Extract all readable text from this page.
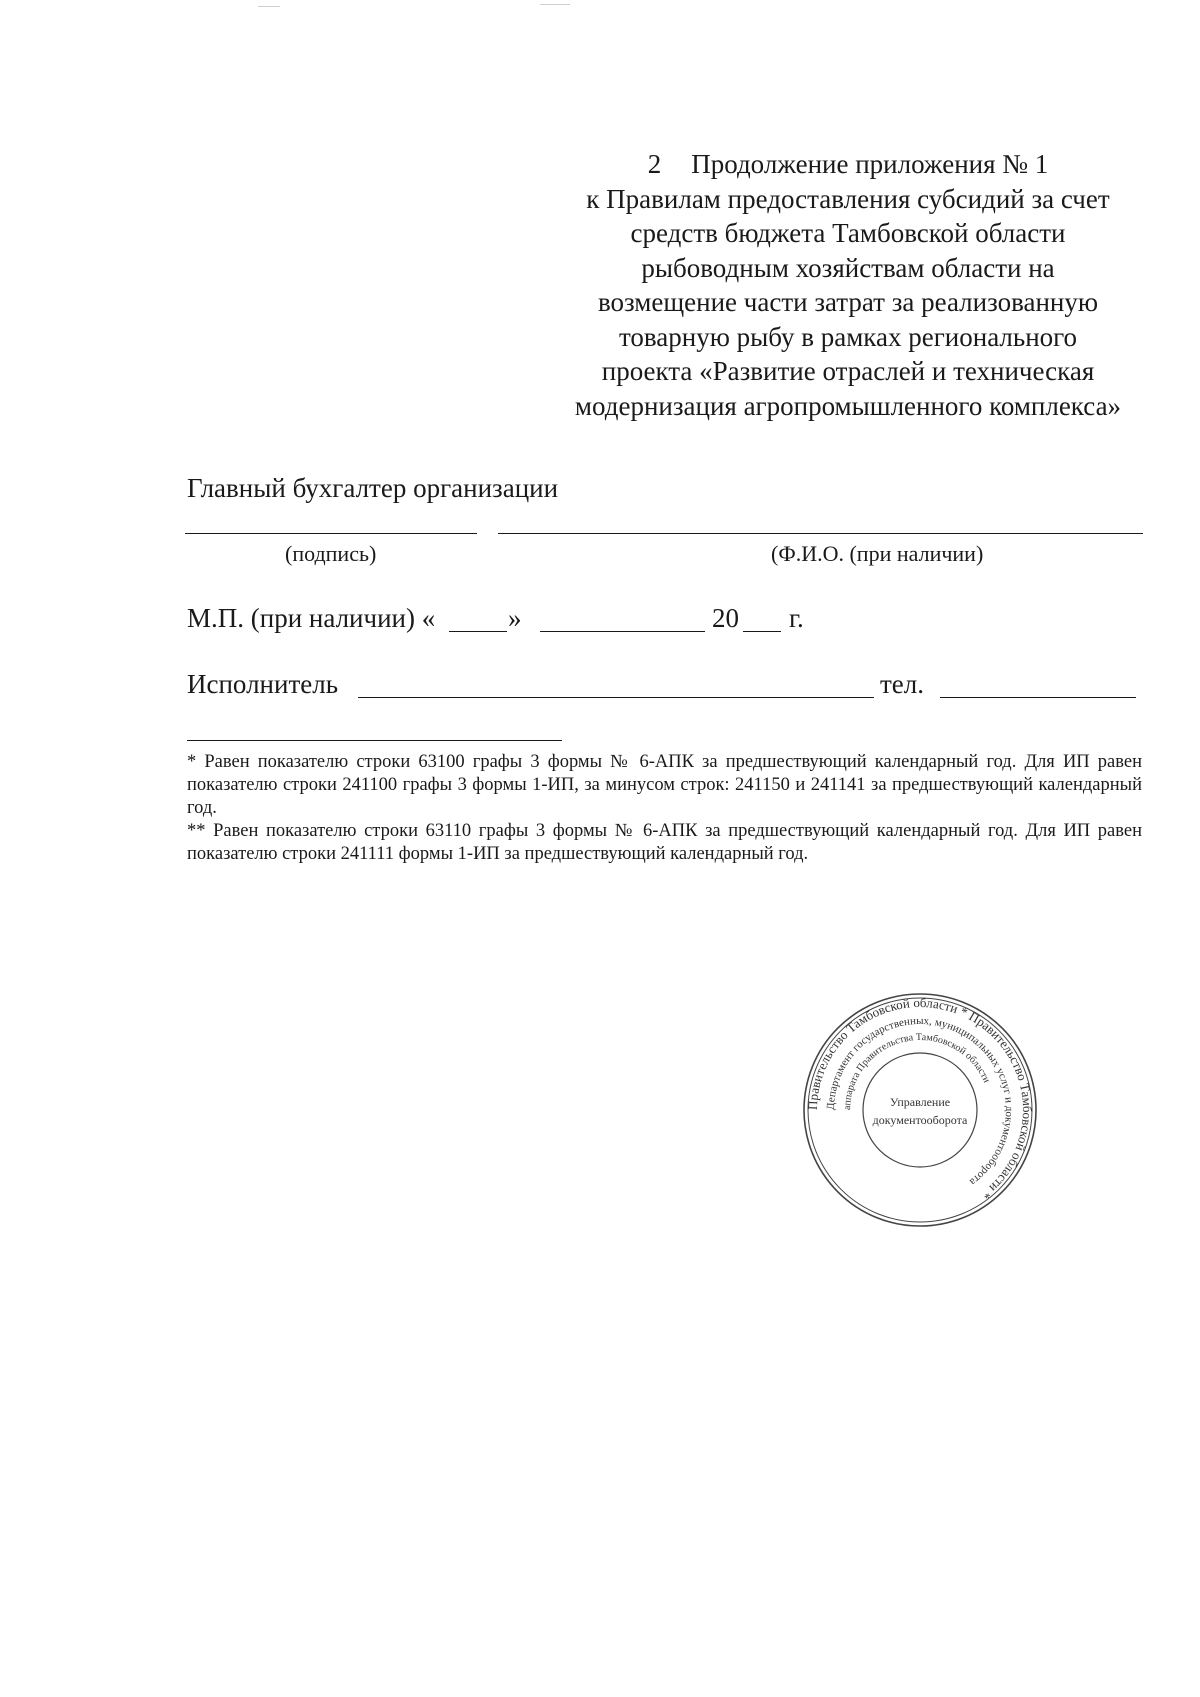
2 Продолжение приложения № 1
к Правилам предоставления субсидий за счет
средств бюджета Тамбовской области
рыбоводным хозяйствам области на
возмещение части затрат за реализованную
товарную рыбу в рамках регионального
проекта «Развитие отраслей и техническая
модернизация агропромышленного комплекса»
Главный бухгалтер организации
(подпись)	(Ф.И.О. (при наличии)
М.П. (при наличии) «	»	20 г.
Исполнитель	тел.

* Равен показателю строки 63100 графы 3 формы № 6-АПК за предшествующий календарный год. Для ИП равен показателю строки 241100 графы 3 формы 1-ИП, за минусом строк: 241150 и 241141 за предшествующий календарный год.

** Равен показателю строки 63110 графы 3 формы № 6-АПК за предшествующий календарный год. Для ИП равен показателю строки 241111 формы 1-ИП за предшествующий календарный год.

Правительство Тамбовской области * Правительство Тамбовской области *
Департамент государственных, муниципальных услуг и документооборота
аппарата Правительства Тамбовской области
Управление
документооборота
